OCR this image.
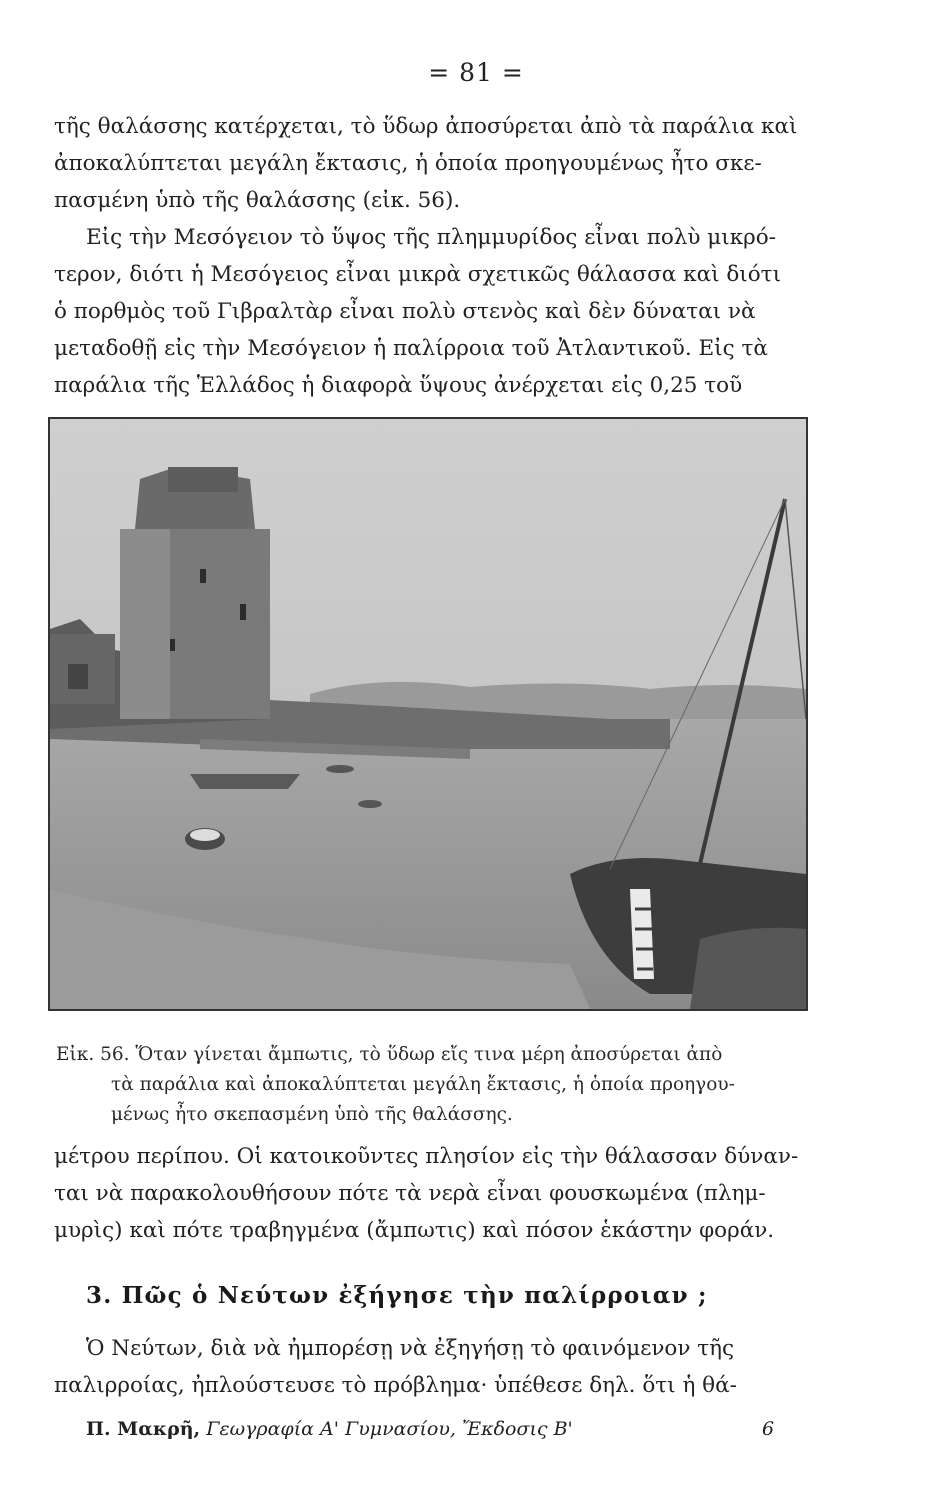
= 81 =
τῆς θαλάσσης κατέρχεται, τὸ ὕδωρ ἀποσύρεται ἀπὸ τὰ παράλια καὶ
ἀποκαλύπτεται μεγάλη ἔκτασις, ἡ ὁποία προηγουμένως ἦτο σκε-
πασμένη ὑπὸ τῆς θαλάσσης (εἰκ. 56).
Εἰς τὴν Μεσόγειον τὸ ὕψος τῆς πλημμυρίδος εἶναι πολὺ μικρό-
τερον, διότι ἡ Μεσόγειος εἶναι μικρὰ σχετικῶς θάλασσα καὶ διότι
ὁ πορθμὸς τοῦ Γιβραλτὰρ εἶναι πολὺ στενὸς καὶ δὲν δύναται νὰ
μεταδοθῇ εἰς τὴν Μεσόγειον ἡ παλίρροια τοῦ Ἀτλαντικοῦ. Εἰς τὰ
παράλια τῆς Ἑλλάδος ἡ διαφορὰ ὕψους ἀνέρχεται εἰς 0,25 τοῦ
Εἰκ. 56. Ὅταν γίνεται ἄμπωτις, τὸ ὕδωρ εἴς τινα μέρη ἀποσύρεται ἀπὸ
τὰ παράλια καὶ ἀποκαλύπτεται μεγάλη ἔκτασις, ἡ ὁποία προηγου-
μένως ἦτο σκεπασμένη ὑπὸ τῆς θαλάσσης.
μέτρου περίπου. Οἱ κατοικοῦντες πλησίον εἰς τὴν θάλασσαν δύναν-
ται νὰ παρακολουθήσουν πότε τὰ νερὰ εἶναι φουσκωμένα (πλημ-
μυρὶς) καὶ πότε τραβηγμένα (ἄμπωτις) καὶ πόσον ἑκάστην φοράν.
3. Πῶς ὁ Νεύτων ἐξήγησε τὴν παλίρροιαν ;
Ὁ Νεύτων, διὰ νὰ ἠμπορέσῃ νὰ ἐξηγήσῃ τὸ φαινόμενον τῆς
παλιρροίας, ἠπλούστευσε τὸ πρόβλημα· ὑπέθεσε δηλ. ὅτι ἡ θά-
Π. Μακρῆ, Γεωγραφία Α' Γυμνασίου, Ἔκδοσις Β'	6
